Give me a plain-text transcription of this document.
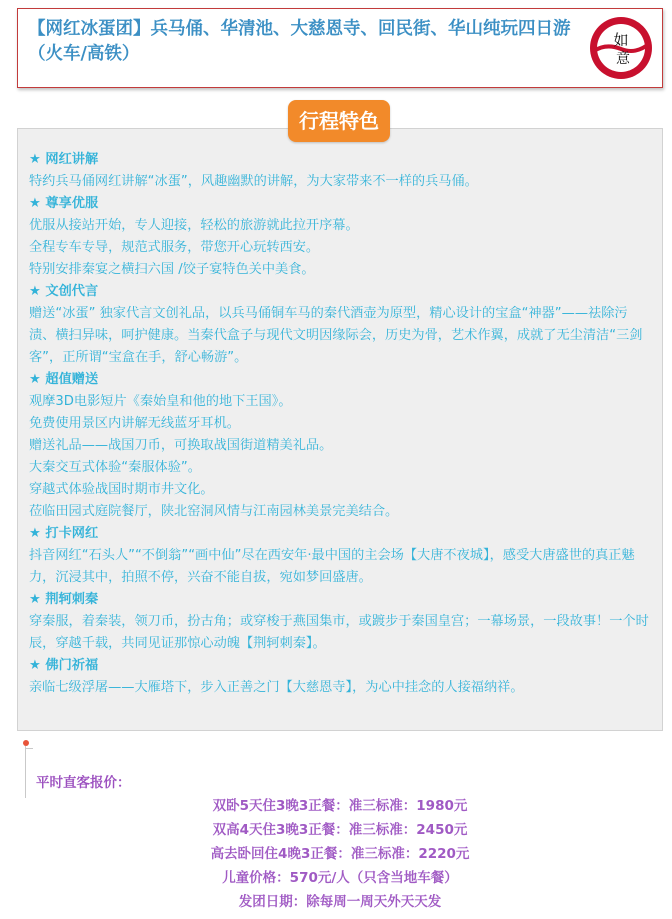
【网红冰蛋团】兵马俑、华清池、大慈恩寺、回民街、华山纯玩四日游（火车/高铁）
如
意
行程特色
★ 网红讲解
特约兵马俑网红讲解“冰蛋”，风趣幽默的讲解，为大家带来不一样的兵马俑。
★ 尊享优服
优服从接站开始，专人迎接，轻松的旅游就此拉开序幕。
全程专车专导，规范式服务，带您开心玩转西安。
特别安排秦宴之横扫六国 /饺子宴特色关中美食。
★ 文创代言
赠送“冰蛋” 独家代言文创礼品，以兵马俑铜车马的秦代酒壶为原型，精心设计的宝盒“神器”——祛除污渍、横扫异味，呵护健康。当秦代盒子与现代文明因缘际会，历史为骨，艺术作翼，成就了无尘清洁“三剑客”，正所谓“宝盒在手，舒心畅游”。
★ 超值赠送
观摩3D电影短片《秦始皇和他的地下王国》。
免费使用景区内讲解无线蓝牙耳机。
赠送礼品——战国刀币，可换取战国街道精美礼品。
大秦交互式体验“秦服体验”。
穿越式体验战国时期市井文化。
莅临田园式庭院餐厅，陕北窑洞风情与江南园林美景完美结合。
★ 打卡网红
抖音网红“石头人”“不倒翁”“画中仙”尽在西安年·最中国的主会场【大唐不夜城】，感受大唐盛世的真正魅力，沉浸其中，拍照不停，兴奋不能自拔，宛如梦回盛唐。
★ 荆轲刺秦
穿秦服，着秦装，领刀币，扮古角；或穿梭于燕国集市，或踱步于秦国皇宫；一幕场景，一段故事！一个时辰，穿越千载，共同见证那惊心动魄【荆轲刺秦】。
★ 佛门祈福
亲临七级浮屠——大雁塔下，步入正善之门【大慈恩寺】，为心中挂念的人接福纳祥。
平时直客报价：
双卧5天住3晚3正餐：准三标准：1980元
双高4天住3晚3正餐：准三标准：2450元
高去卧回住4晚3正餐：准三标准：2220元
儿童价格：570元/人（只含当地车餐）
发团日期：除每周一周天外天天发
